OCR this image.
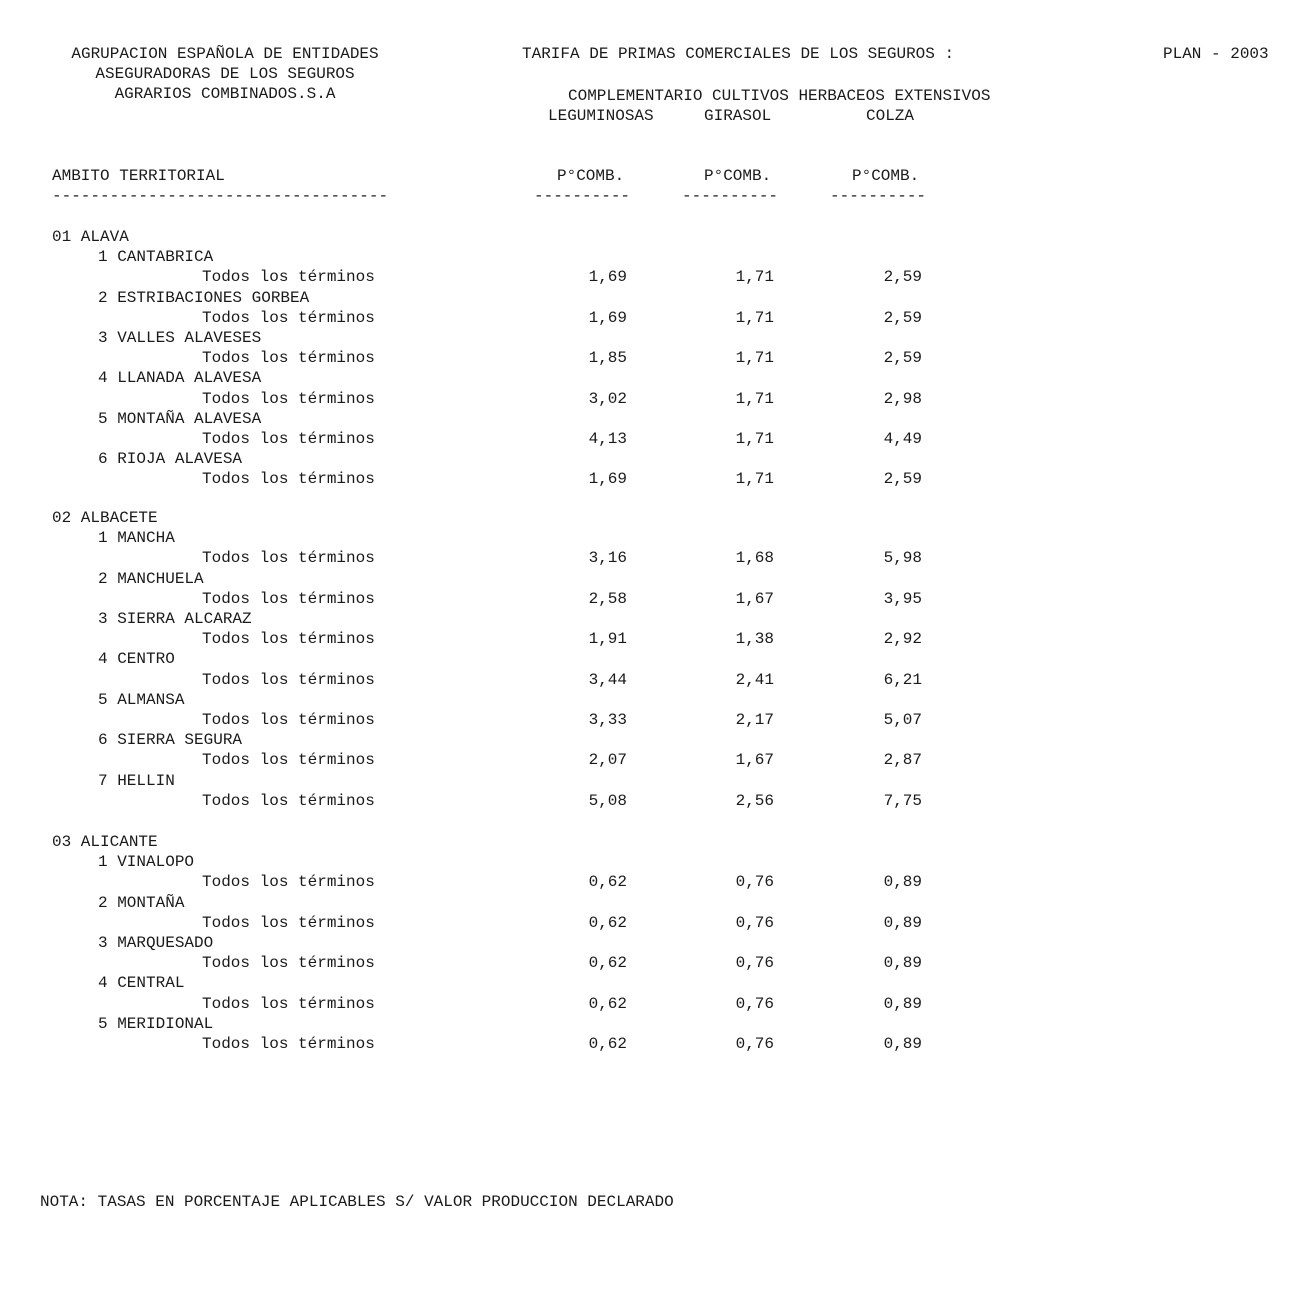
AGRUPACION ESPAÑOLA DE ENTIDADES
ASEGURADORAS DE LOS SEGUROS
AGRARIOS COMBINADOS.S.A
TARIFA DE PRIMAS COMERCIALES DE LOS SEGUROS :	PLAN - 2003
COMPLEMENTARIO CULTIVOS HERBACEOS EXTENSIVOS
LEGUMINOSAS	GIRASOL	COLZA
AMBITO TERRITORIAL	P°COMB.	P°COMB.	P°COMB.
-----------------------------------	----------	----------	----------
01 ALAVA
1 CANTABRICA
Todos los términos	1,69	1,71	2,59
2 ESTRIBACIONES GORBEA
Todos los términos	1,69	1,71	2,59
3 VALLES ALAVESES
Todos los términos	1,85	1,71	2,59
4 LLANADA ALAVESA
Todos los términos	3,02	1,71	2,98
5 MONTAÑA ALAVESA
Todos los términos	4,13	1,71	4,49
6 RIOJA ALAVESA
Todos los términos	1,69	1,71	2,59
02 ALBACETE
1 MANCHA
Todos los términos	3,16	1,68	5,98
2 MANCHUELA
Todos los términos	2,58	1,67	3,95
3 SIERRA ALCARAZ
Todos los términos	1,91	1,38	2,92
4 CENTRO
Todos los términos	3,44	2,41	6,21
5 ALMANSA
Todos los términos	3,33	2,17	5,07
6 SIERRA SEGURA
Todos los términos	2,07	1,67	2,87
7 HELLIN
Todos los términos	5,08	2,56	7,75
03 ALICANTE
1 VINALOPO
Todos los términos	0,62	0,76	0,89
2 MONTAÑA
Todos los términos	0,62	0,76	0,89
3 MARQUESADO
Todos los términos	0,62	0,76	0,89
4 CENTRAL
Todos los términos	0,62	0,76	0,89
5 MERIDIONAL
Todos los términos	0,62	0,76	0,89
NOTA: TASAS EN PORCENTAJE APLICABLES S/ VALOR PRODUCCION DECLARADO
